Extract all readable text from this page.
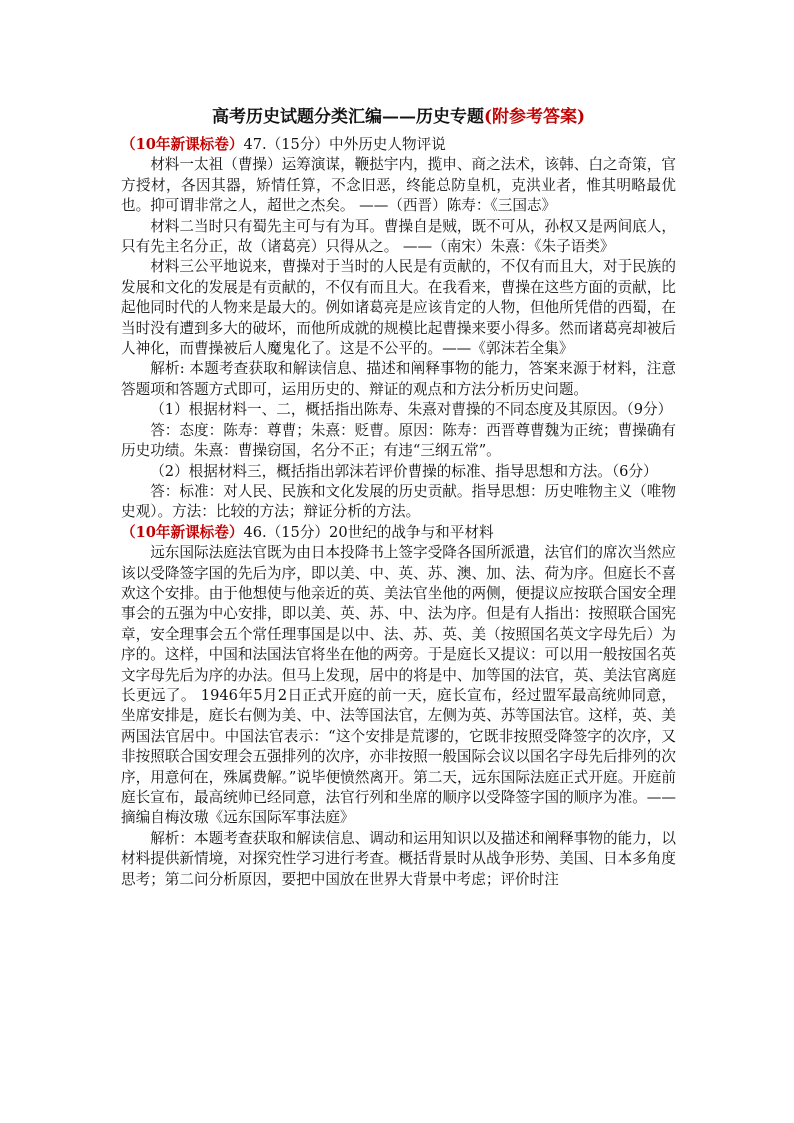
高考历史试题分类汇编——历史专题(附参考答案)

（10年新课标卷）47.（15分）中外历史人物评说

材料一太祖（曹操）运筹演谋，鞭挞宇内，揽申、商之法术，该韩、白之奇策，官方授材，各因其器，矫情任算，不念旧恶，终能总防皇机，克洪业者，惟其明略最优也。抑可谓非常之人，超世之杰矣。 ——（西晋）陈寿：《三国志》

材料二当时只有蜀先主可与有为耳。曹操自是贼，既不可从，孙权又是两间底人，只有先主名分正，故（诸葛亮）只得从之。 ——（南宋）朱熹：《朱子语类》

材料三公平地说来，曹操对于当时的人民是有贡献的，不仅有而且大，对于民族的发展和文化的发展是有贡献的，不仅有而且大。在我看来，曹操在这些方面的贡献，比起他同时代的人物来是最大的。例如诸葛亮是应该肯定的人物，但他所凭借的西蜀，在当时没有遭到多大的破坏，而他所成就的规模比起曹操来要小得多。然而诸葛亮却被后人神化，而曹操被后人魔鬼化了。这是不公平的。——《郭沫若全集》

解析: 本题考查获取和解读信息、描述和阐释事物的能力，答案来源于材料，注意答题项和答题方式即可，运用历史的、辩证的观点和方法分析历史问题。

（1）根据材料一、二，概括指出陈寿、朱熹对曹操的不同态度及其原因。（9分）

答：态度：陈寿：尊曹；朱熹：贬曹。原因：陈寿：西晋尊曹魏为正统；曹操确有历史功绩。朱熹：曹操窃国，名分不正；有违“三纲五常”。

（2）根据材料三，概括指出郭沫若评价曹操的标准、指导思想和方法。（6分）

答：标准：对人民、民族和文化发展的历史贡献。指导思想：历史唯物主义（唯物史观）。方法：比较的方法；辩证分析的方法。

（10年新课标卷）46.（15分）20世纪的战争与和平材料

远东国际法庭法官既为由日本投降书上签字受降各国所派遣，法官们的席次当然应该以受降签字国的先后为序，即以美、中、英、苏、澳、加、法、荷为序。但庭长不喜欢这个安排。由于他想使与他亲近的英、美法官坐他的两侧，便提议应按联合国安全理事会的五强为中心安排，即以美、英、苏、中、法为序。但是有人指出：按照联合国宪章，安全理事会五个常任理事国是以中、法、苏、英、美（按照国名英文字母先后）为序的。这样，中国和法国法官将坐在他的两旁。于是庭长又提议：可以用一般按国名英文字母先后为序的办法。但马上发现，居中的将是中、加等国的法官，英、美法官离庭长更远了。 1946年5月2日正式开庭的前一天，庭长宣布，经过盟军最高统帅同意，坐席安排是，庭长右侧为美、中、法等国法官，左侧为英、苏等国法官。这样，英、美两国法官居中。中国法官表示：“这个安排是荒谬的，它既非按照受降签字的次序，又非按照联合国安理会五强排列的次序，亦非按照一般国际会议以国名字母先后排列的次序，用意何在，殊属费解。”说毕便愤然离开。第二天，远东国际法庭正式开庭。开庭前庭长宣布，最高统帅已经同意，法官行列和坐席的顺序以受降签字国的顺序为准。——摘编自梅汝璈《远东国际军事法庭》

解析：本题考查获取和解读信息、调动和运用知识以及描述和阐释事物的能力，以材料提供新情境，对探究性学习进行考查。概括背景时从战争形势、美国、日本多角度思考；第二问分析原因，要把中国放在世界大背景中考虑；评价时注
